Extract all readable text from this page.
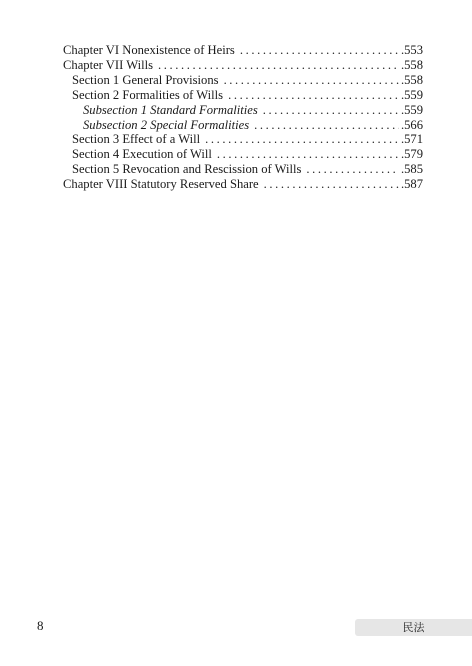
Chapter VI Nonexistence of Heirs .....	.553
Chapter VII Wills .....	.558
Section 1 General Provisions .....	.558
Section 2 Formalities of Wills .....	.559
Subsection 1 Standard Formalities .....	.559
Subsection 2 Special Formalities .....	.566
Section 3 Effect of a Will .....	.571
Section 4 Execution of Will .....	.579
Section 5 Revocation and Rescission of Wills .....	.585
Chapter VIII Statutory Reserved Share .....	.587
8	民法
